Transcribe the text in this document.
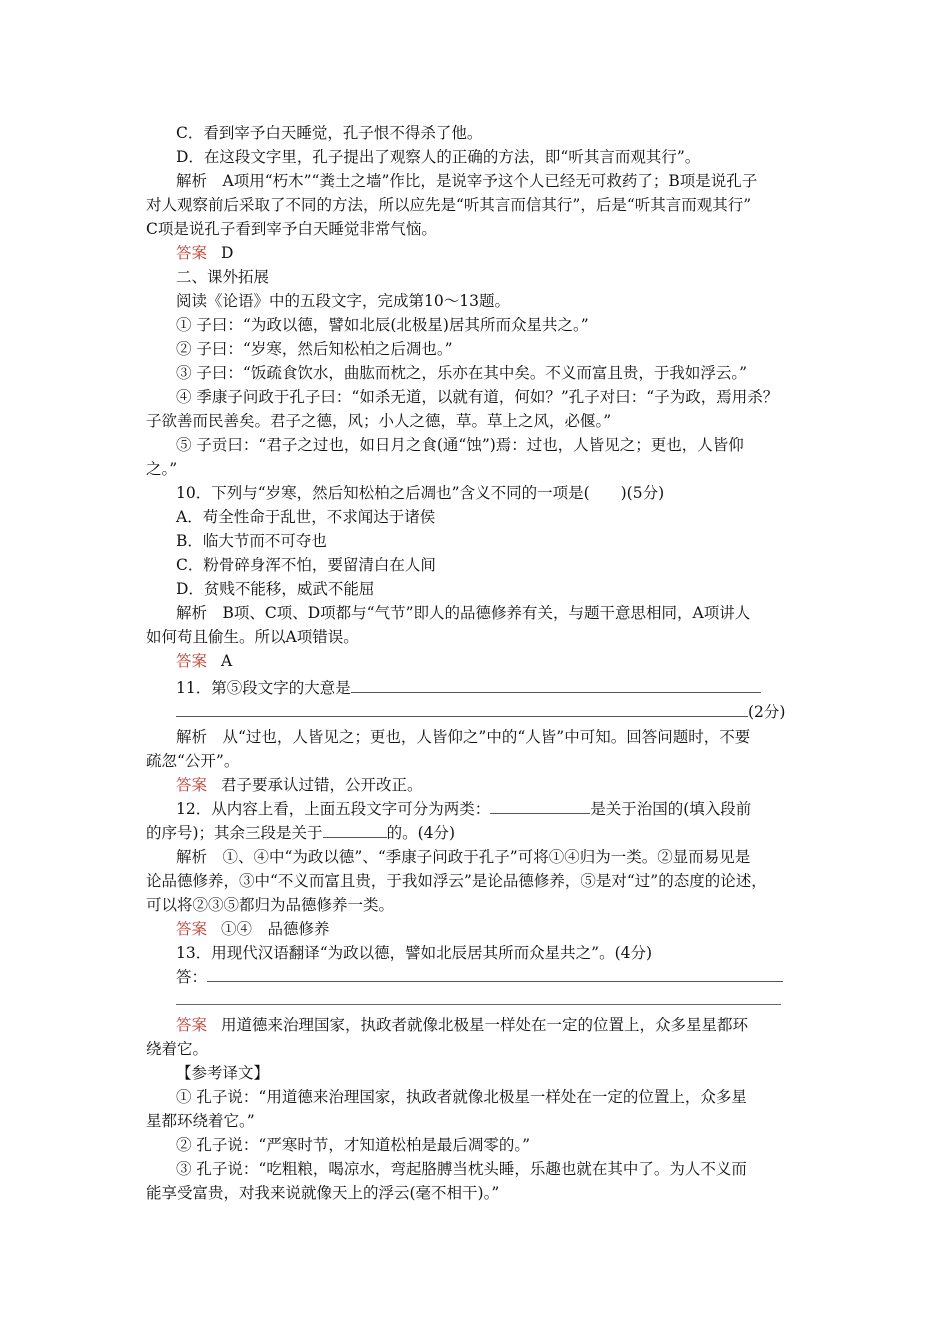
C．看到宰予白天睡觉，孔子恨不得杀了他。
D．在这段文字里，孔子提出了观察人的正确的方法，即“听其言而观其行”。
解析　A项用“朽木”“粪土之墙”作比，是说宰予这个人已经无可救药了；B项是说孔子
对人观察前后采取了不同的方法，所以应先是“听其言而信其行”，后是“听其言而观其行”
C项是说孔子看到宰予白天睡觉非常气恼。
答案 D
二、课外拓展
阅读《论语》中的五段文字，完成第10～13题。
① 子曰：“为政以德，譬如北辰(北极星)居其所而众星共之。”
② 子曰：“岁寒，然后知松柏之后凋也。”
③ 子曰：“饭疏食饮水，曲肱而枕之，乐亦在其中矣。不义而富且贵，于我如浮云。”
④ 季康子问政于孔子曰：“如杀无道，以就有道，何如？”孔子对曰：“子为政，焉用杀？
子欲善而民善矣。君子之德，风；小人之德，草。草上之风，必偃。”
⑤ 子贡曰：“君子之过也，如日月之食(通“蚀”)焉：过也，人皆见之；更也，人皆仰
之。”
10．下列与“岁寒，然后知松柏之后凋也”含义不同的一项是(　　)(5分)
A．苟全性命于乱世，不求闻达于诸侯
B．临大节而不可夺也
C．粉骨碎身浑不怕，要留清白在人间
D．贫贱不能移，威武不能屈
解析　B项、C项、D项都与“气节”即人的品德修养有关，与题干意思相同，A项讲人
如何苟且偷生。所以A项错误。
答案 A
11．第⑤段文字的大意是
(2分)
解析　从“过也，人皆见之；更也，人皆仰之”中的“人皆”中可知。回答问题时，不要
疏忽“公开”。
答案 君子要承认过错，公开改正。
12．从内容上看，上面五段文字可分为两类：	是关于治国的(填入段前
的序号)；其余三段是关于	的。(4分)
解析　①、④中“为政以德”、“季康子问政于孔子”可将①④归为一类。②显而易见是
论品德修养，③中“不义而富且贵，于我如浮云”是论品德修养，⑤是对“过”的态度的论述，
可以将②③⑤都归为品德修养一类。
答案 ①④　品德修养
13．用现代汉语翻译“为政以德，譬如北辰居其所而众星共之”。(4分)
答：
答案 用道德来治理国家，执政者就像北极星一样处在一定的位置上，众多星星都环
绕着它。
【参考译文】
① 孔子说：“用道德来治理国家，执政者就像北极星一样处在一定的位置上，众多星
星都环绕着它。”
② 孔子说：“严寒时节，才知道松柏是最后凋零的。”
③ 孔子说：“吃粗粮，喝凉水，弯起胳膊当枕头睡，乐趣也就在其中了。为人不义而
能享受富贵，对我来说就像天上的浮云(毫不相干)。”
